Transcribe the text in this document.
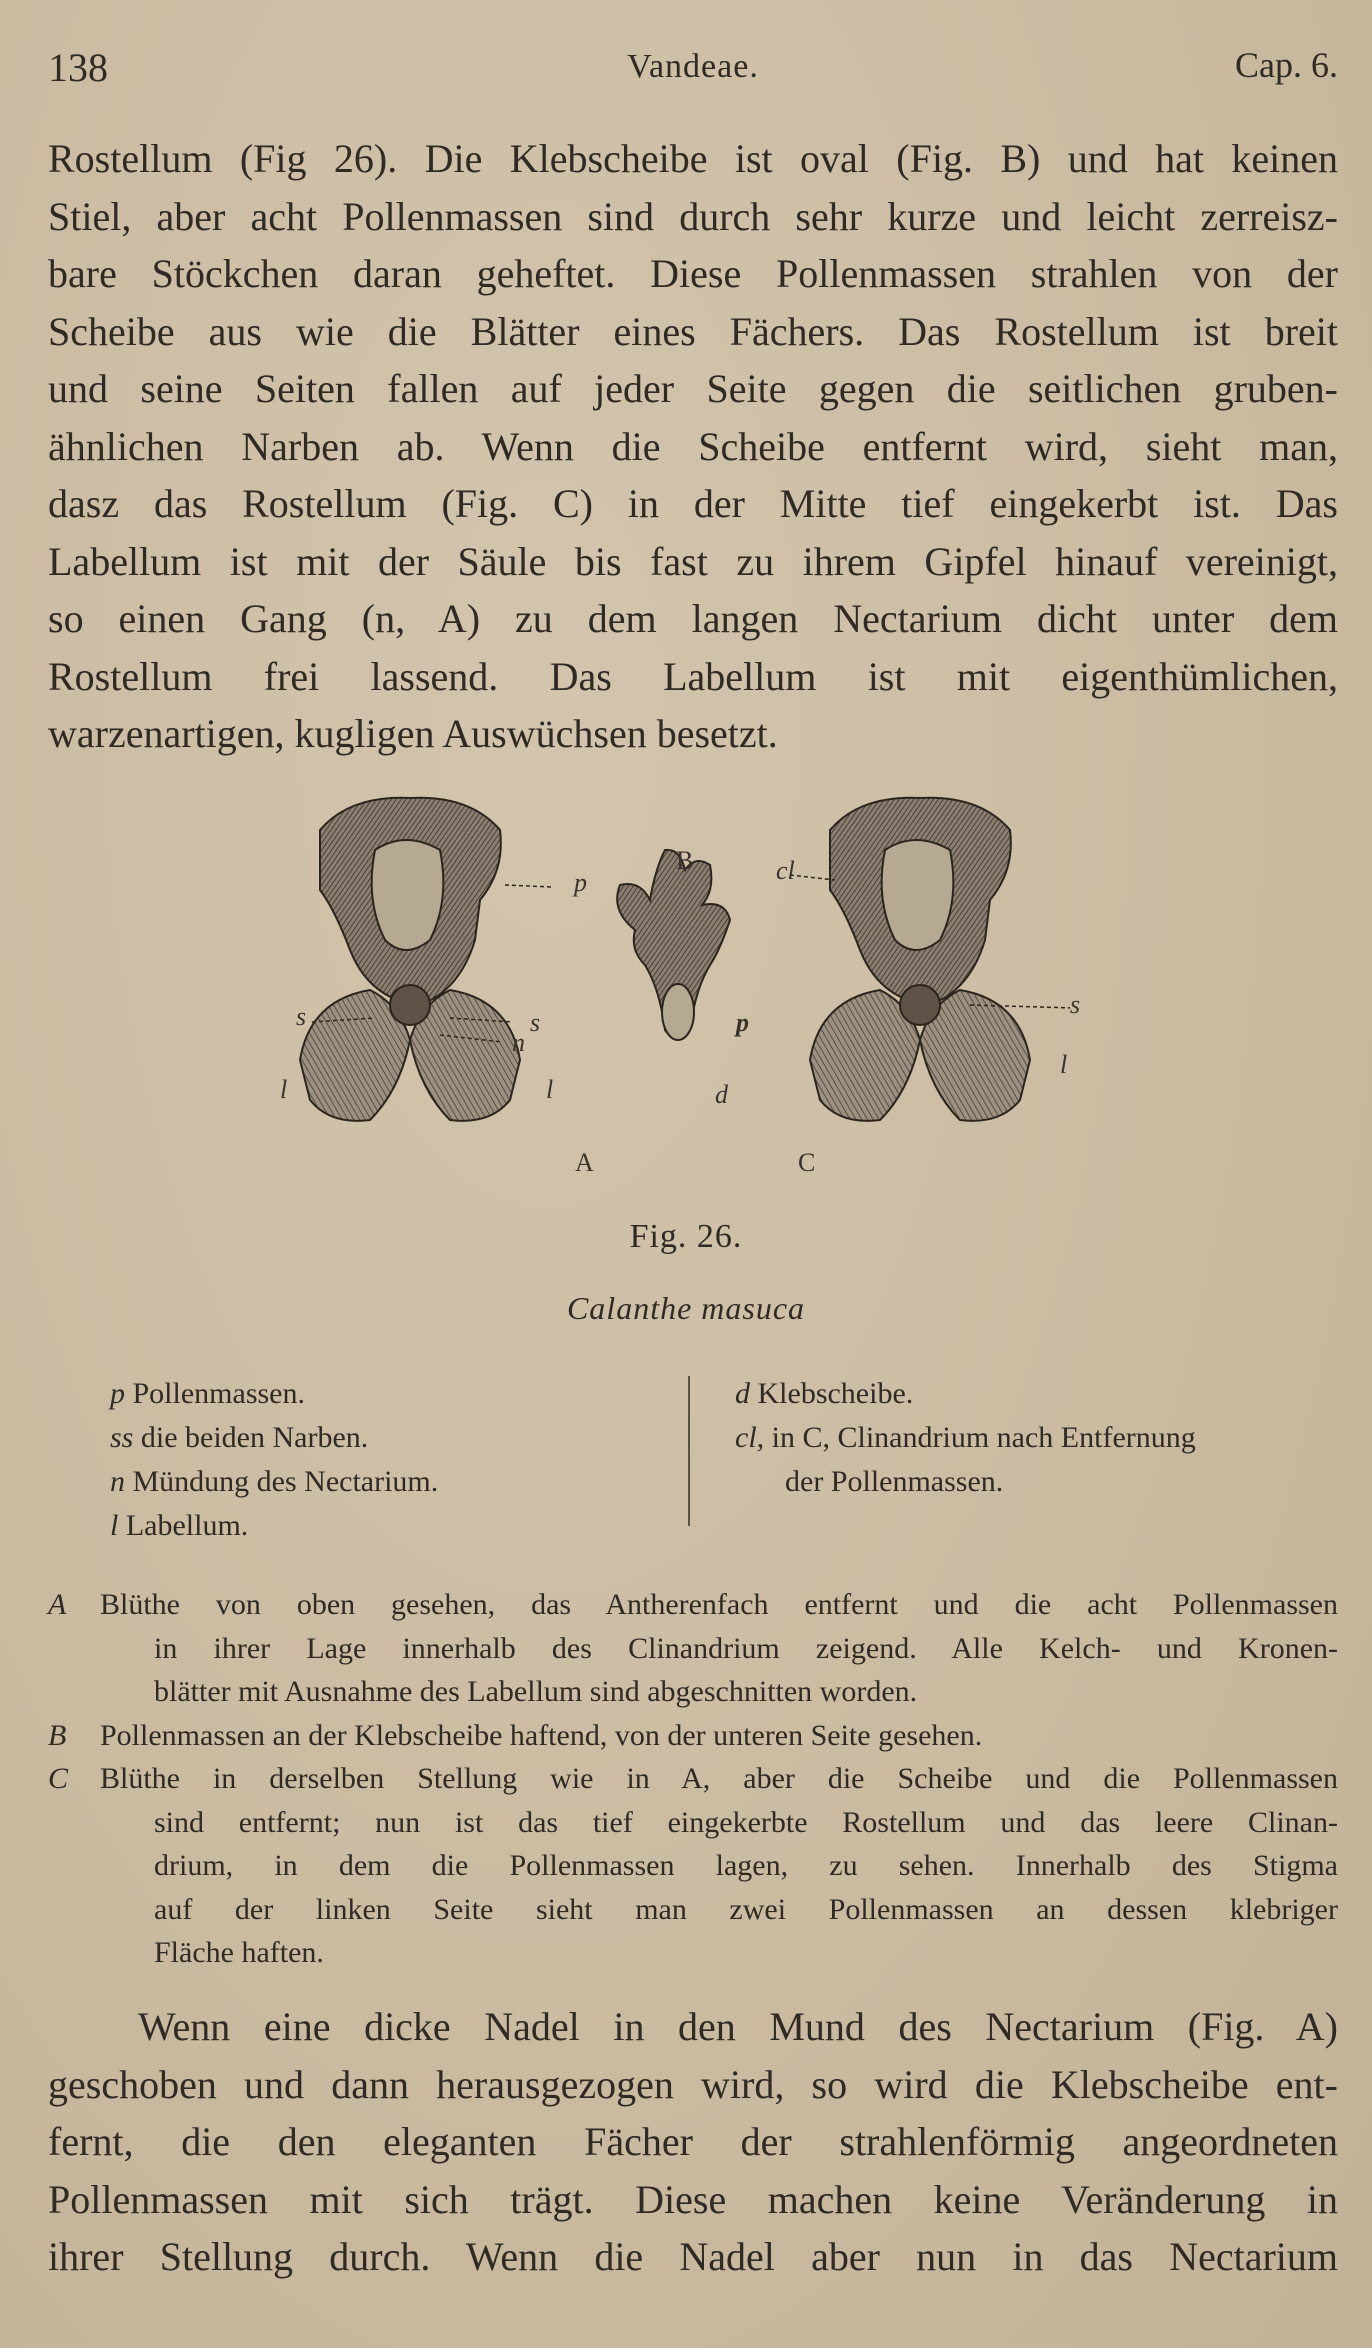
138	Vandeae.	Cap. 6.
Rostellum (Fig 26). Die Klebscheibe ist oval (Fig. B) und hat keinen
Stiel, aber acht Pollenmassen sind durch sehr kurze und leicht zerreisz-
bare Stöckchen daran geheftet. Diese Pollenmassen strahlen von der
Scheibe aus wie die Blätter eines Fächers. Das Rostellum ist breit
und seine Seiten fallen auf jeder Seite gegen die seitlichen gruben-
ähnlichen Narben ab. Wenn die Scheibe entfernt wird, sieht man,
dasz das Rostellum (Fig. C) in der Mitte tief eingekerbt ist. Das
Labellum ist mit der Säule bis fast zu ihrem Gipfel hinauf vereinigt,
so einen Gang (n, A) zu dem langen Nectarium dicht unter dem
Rostellum frei lassend. Das Labellum ist mit eigenthümlichen,
warzenartigen, kugligen Auswüchsen besetzt.
p
s	s
n
l	l
A
B
p
d
cl
s
l
C
Fig. 26.
Calanthe masuca
p Pollenmassen.
ss die beiden Narben.
n Mündung des Nectarium.
l Labellum.
d Klebscheibe.
cl, in C, Clinandrium nach Entfernung
der Pollenmassen.
A	Blüthe von oben gesehen, das Antherenfach entfernt und die acht Pollenmassen
in ihrer Lage innerhalb des Clinandrium zeigend. Alle Kelch- und Kronen-
blätter mit Ausnahme des Labellum sind abgeschnitten worden.
B	Pollenmassen an der Klebscheibe haftend, von der unteren Seite gesehen.
C	Blüthe in derselben Stellung wie in A, aber die Scheibe und die Pollenmassen
sind entfernt; nun ist das tief eingekerbte Rostellum und das leere Clinan-
drium, in dem die Pollenmassen lagen, zu sehen. Innerhalb des Stigma
auf der linken Seite sieht man zwei Pollenmassen an dessen klebriger
Fläche haften.
Wenn eine dicke Nadel in den Mund des Nectarium (Fig. A)
geschoben und dann herausgezogen wird, so wird die Klebscheibe ent-
fernt, die den eleganten Fächer der strahlenförmig angeordneten
Pollenmassen mit sich trägt. Diese machen keine Veränderung in
ihrer Stellung durch. Wenn die Nadel aber nun in das Nectarium
